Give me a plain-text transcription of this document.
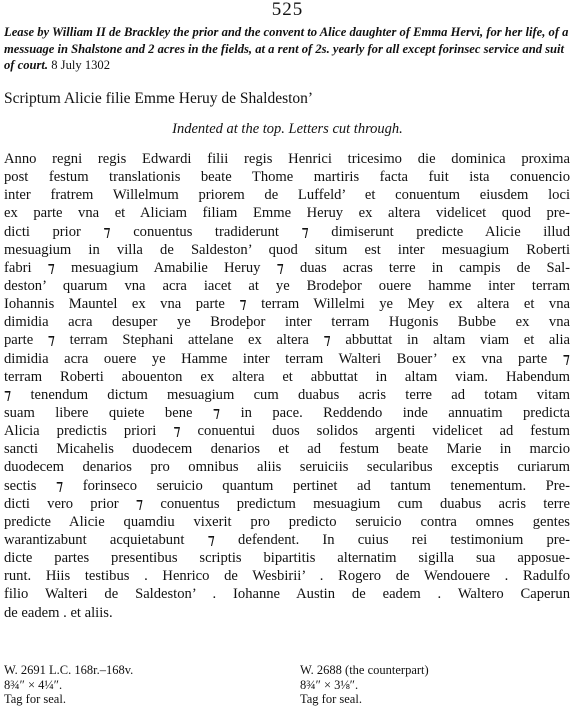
525
Lease by William II de Brackley the prior and the convent to Alice daughter of Emma Hervi, for her life, of a messuage in Shalstone and 2 acres in the fields, at a rent of 2s. yearly for all except forinsec service and suit of court. 8 July 1302
Scriptum Alicie filie Emme Heruy de Shaldeston’
Indented at the top. Letters cut through.
Anno regni regis Edwardi filii regis Henrici tricesimo die dominica proxima
post festum translationis beate Thome martiris facta fuit ista conuencio
inter fratrem Willelmum priorem de Luffeld’ et conuentum eiusdem loci
ex parte vna et Aliciam filiam Emme Heruy ex altera videlicet quod pre-
dicti prior ⁊ conuentus tradiderunt ⁊ dimiserunt predicte Alicie illud
mesuagium in villa de Saldeston’ quod situm est inter mesuagium Roberti
fabri ⁊ mesuagium Amabilie Heruy ⁊ duas acras terre in campis de Sal-
deston’ quarum vna acra iacet at ye Brodeþor ouere hamme inter terram
Iohannis Mauntel ex vna parte ⁊ terram Willelmi ye Mey ex altera et vna
dimidia acra desuper ye Brodeþor inter terram Hugonis Bubbe ex vna
parte ⁊ terram Stephani attelane ex altera ⁊ abbuttat in altam viam et alia
dimidia acra ouere ye Hamme inter terram Walteri Bouer’ ex vna parte ⁊
terram Roberti abouenton ex altera et abbuttat in altam viam. Habendum
⁊ tenendum dictum mesuagium cum duabus acris terre ad totam vitam
suam libere quiete bene ⁊ in pace. Reddendo inde annuatim predicta
Alicia predictis priori ⁊ conuentui duos solidos argenti videlicet ad festum
sancti Micahelis duodecem denarios et ad festum beate Marie in marcio
duodecem denarios pro omnibus aliis seruiciis secularibus exceptis curiarum
sectis ⁊ forinseco seruicio quantum pertinet ad tantum tenementum. Pre-
dicti vero prior ⁊ conuentus predictum mesuagium cum duabus acris terre
predicte Alicie quamdiu vixerit pro predicto seruicio contra omnes gentes
warantizabunt acquietabunt ⁊ defendent. In cuius rei testimonium pre-
dicte partes presentibus scriptis bipartitis alternatim sigilla sua apposue-
runt. Hiis testibus . Henrico de Wesbirii’ . Rogero de Wendouere . Radulfo
filio Walteri de Saldeston’ . Iohanne Austin de eadem . Waltero Caperun
de eadem . et aliis.
W. 2691 L.C. 168r.–168v.
8¾″ × 4¼″.
Tag for seal.
W. 2688 (the counterpart)
8¾″ × 3⅛″.
Tag for seal.
